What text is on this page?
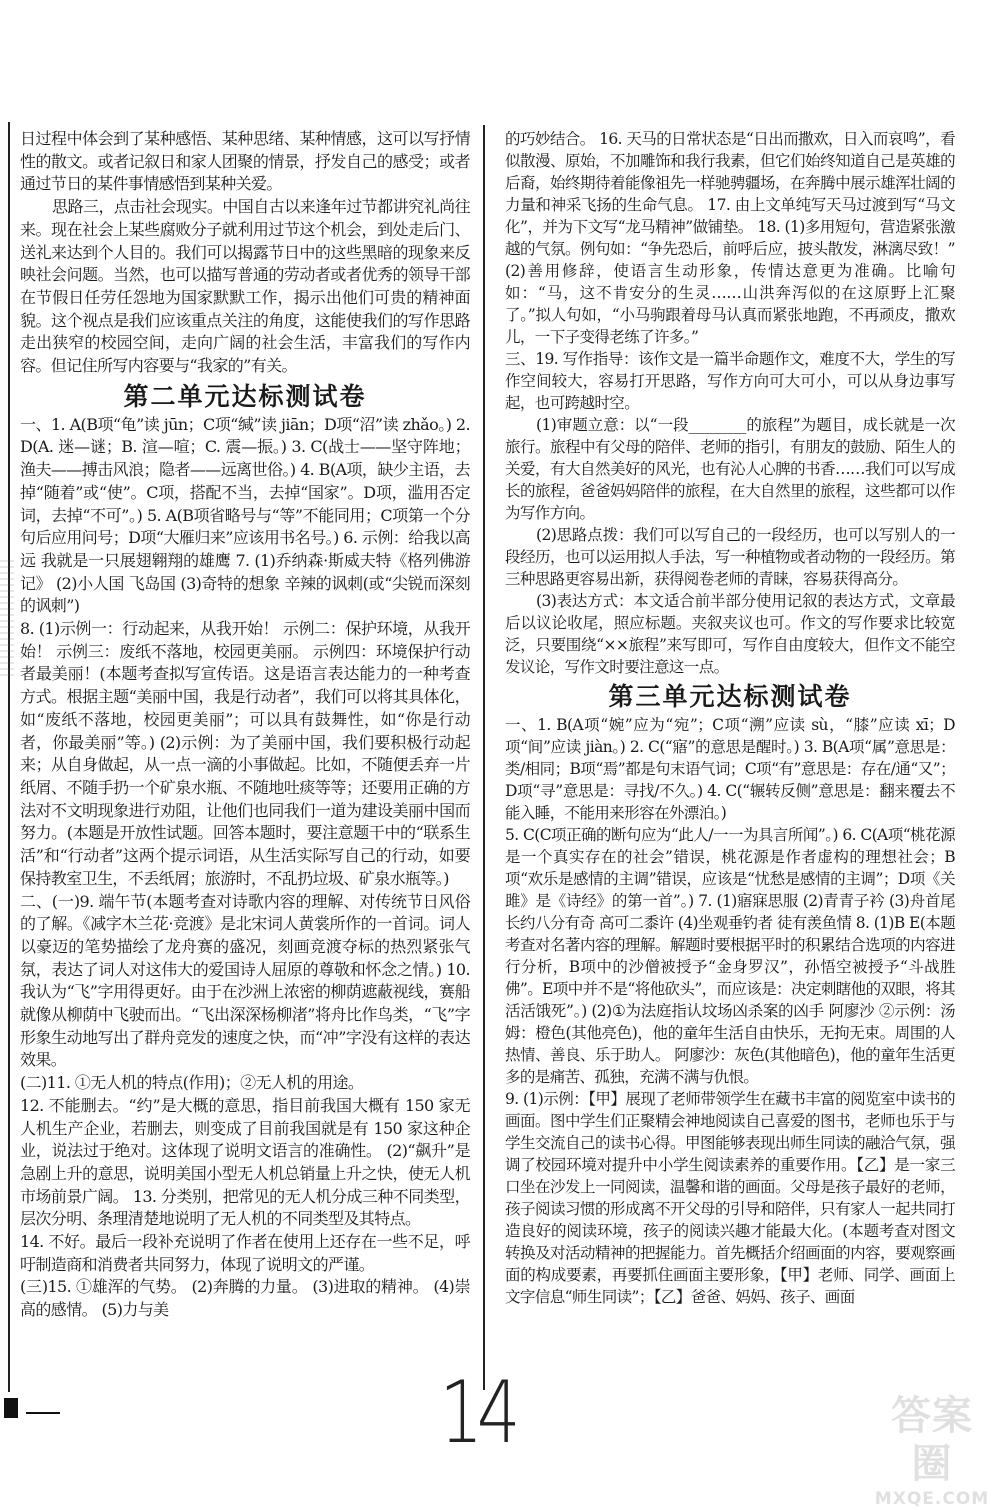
日过程中体会到了某种感悟、某种思绪、某种情感，这可以写抒情性的散文。或者记叙日和家人团聚的情景，抒发自己的感受；或者通过节日的某件事情感悟到某种关爱。

思路三，点击社会现实。中国自古以来逢年过节都讲究礼尚往来。现在社会上某些腐败分子就利用过节这个机会，到处走后门、送礼来达到个人目的。我们可以揭露节日中的这些黑暗的现象来反映社会问题。当然，也可以描写普通的劳动者或者优秀的领导干部在节假日任劳任怨地为国家默默工作，揭示出他们可贵的精神面貌。这个视点是我们应该重点关注的角度，这能使我们的写作思路走出狭窄的校园空间，走向广阔的社会生活，丰富我们的写作内容。但记住所写内容要与“我家的”有关。

第二单元达标测试卷

一、1. A(B项“龟”读 jūn；C项“缄”读 jiān；D项“沼”读 zhǎo。) 2. D(A. 迷—谜；B. 渲—喧；C. 震—振。) 3. C(战士——坚守阵地；渔夫——搏击风浪；隐者——远离世俗。) 4. B(A项，缺少主语，去掉“随着”或“使”。C项，搭配不当，去掉“国家”。D项，滥用否定词，去掉“不可”。) 5. A(B项省略号与“等”不能同用；C项第一个分句后应用问号；D项“大雁归来”应该用书名号。) 6. 示例：给我以高远 我就是一只展翅翱翔的雄鹰 7. (1)乔纳森·斯威夫特《格列佛游记》 (2)小人国 飞岛国 (3)奇特的想象 辛辣的讽刺(或“尖锐而深刻的讽刺”)

8. (1)示例一：行动起来，从我开始！ 示例二：保护环境，从我开始！ 示例三：废纸不落地，校园更美丽。 示例四：环境保护行动者最美丽！(本题考查拟写宣传语。这是语言表达能力的一种考查方式。根据主题“美丽中国，我是行动者”，我们可以将其具体化，如“废纸不落地，校园更美丽”；可以具有鼓舞性，如“你是行动者，你最美丽”等。) (2)示例：为了美丽中国，我们要积极行动起来；从自身做起，从一点一滴的小事做起。比如，不随便丢弃一片纸屑、不随手扔一个矿泉水瓶、不随地吐痰等等；还要用正确的方法对不文明现象进行劝阻，让他们也同我们一道为建设美丽中国而努力。(本题是开放性试题。回答本题时，要注意题干中的“联系生活”和“行动者”这两个提示词语，从生活实际写自己的行动，如要保持教室卫生，不丢纸屑；旅游时，不乱扔垃圾、矿泉水瓶等。)

二、(一)9. 端午节(本题考查对诗歌内容的理解、对传统节日风俗的了解。《减字木兰花·竞渡》是北宋词人黄裳所作的一首词。词人以豪迈的笔势描绘了龙舟赛的盛况，刻画竞渡夺标的热烈紧张气氛，表达了词人对这伟大的爱国诗人屈原的尊敬和怀念之情。) 10. 我认为“飞”字用得更好。由于在沙洲上浓密的柳荫遮蔽视线，赛船就像从柳荫中飞驶而出。“飞出深深杨柳渚”将舟比作鸟类，“飞”字形象生动地写出了群舟竞发的速度之快，而“冲”字没有这样的表达效果。

(二)11. ①无人机的特点(作用)；②无人机的用途。

12. 不能删去。“约”是大概的意思，指目前我国大概有 150 家无人机生产企业，若删去，则变成了目前我国就是有 150 家这种企业，说法过于绝对。这体现了说明文语言的准确性。 (2)“飙升”是急剧上升的意思，说明美国小型无人机总销量上升之快，使无人机市场前景广阔。 13. 分类别，把常见的无人机分成三种不同类型，层次分明、条理清楚地说明了无人机的不同类型及其特点。

14. 不好。最后一段补充说明了作者在使用上还存在一些不足，呼吁制造商和消费者共同努力，体现了说明文的严谨。

(三)15. ①雄浑的气势。 (2)奔腾的力量。 (3)进取的精神。 (4)崇高的感情。 (5)力与美

的巧妙结合。 16. 天马的日常状态是“日出而撒欢，日入而哀鸣”，看似散漫、原始，不加雕饰和我行我素，但它们始终知道自己是英雄的后裔，始终期待着能像祖先一样驰骋疆场，在奔腾中展示雄浑壮阔的力量和神采飞扬的生命气息。 17. 由上文单纯写天马过渡到写“马文化”，并为下文写“龙马精神”做铺垫。 18. (1)多用短句，营造紧张激越的气氛。例句如：“争先恐后，前呼后应，披头散发，淋漓尽致！” (2)善用修辞，使语言生动形象，传情达意更为准确。比喻句如：“马，这不肯安分的生灵……山洪奔泻似的在这原野上汇聚了。”拟人句如，“小马驹跟着母马认真而紧张地跑，不再顽皮，撒欢儿，一下子变得老练了许多。”

三、19. 写作指导：该作文是一篇半命题作文，难度不大，学生的写作空间较大，容易打开思路，写作方向可大可小，可以从身边事写起，也可跨越时空。

(1)审题立意：以“一段________的旅程”为题目，成长就是一次旅行。旅程中有父母的陪伴、老师的指引，有朋友的鼓励、陌生人的关爱，有大自然美好的风光，也有沁人心脾的书香……我们可以写成长的旅程，爸爸妈妈陪伴的旅程，在大自然里的旅程，这些都可以作为写作方向。

(2)思路点拨：我们可以写自己的一段经历，也可以写别人的一段经历，也可以运用拟人手法，写一种植物或者动物的一段经历。第三种思路更容易出新，获得阅卷老师的青睐，容易获得高分。

(3)表达方式：本文适合前半部分使用记叙的表达方式，文章最后以议论收尾，照应标题。夹叙夹议也可。作文的写作要求比较宽泛，只要围绕“××旅程”来写即可，写作自由度较大，但作文不能空发议论，写作文时要注意这一点。

第三单元达标测试卷

一、1. B(A项“婉”应为“宛”；C项“溯”应读 sù，“膝”应读 xī；D项“间”应读 jiàn。) 2. C(“寤”的意思是醒时。) 3. B(A项“属”意思是：类/相同；B项“焉”都是句末语气词；C项“有”意思是：存在/通“又”；D项“寻”意思是：寻找/不久。) 4. C(“辗转反侧”意思是：翻来覆去不能入睡，不能用来形容在外漂泊。)

5. C(C项正确的断句应为“此人/一一为具言所闻”。) 6. C(A项“桃花源是一个真实存在的社会”错误，桃花源是作者虚构的理想社会；B项“欢乐是感情的主调”错误，应该是“忧愁是感情的主调”；D项《关雎》是《诗经》的第一首”。) 7. (1)寤寐思服 (2)青青子衿 (3)舟首尾长约八分有奇 高可二黍许 (4)坐观垂钓者 徒有羡鱼情 8. (1)B E(本题考查对名著内容的理解。解题时要根据平时的积累结合选项的内容进行分析，B项中的沙僧被授予“金身罗汉”，孙悟空被授予“斗战胜佛”。E项中并不是“将他砍头”，而应该是：决定刺瞎他的双眼，将其活活饿死”。) (2)①为法庭指认坟场凶杀案的凶手 阿廖沙 ②示例：汤姆：橙色(其他亮色)，他的童年生活自由快乐，无拘无束。周围的人热情、善良、乐于助人。 阿廖沙：灰色(其他暗色)，他的童年生活更多的是痛苦、孤独，充满不满与仇恨。

9. (1)示例：【甲】展现了老师带领学生在藏书丰富的阅览室中读书的画面。图中学生们正聚精会神地阅读自己喜爱的图书，老师也乐于与学生交流自己的读书心得。甲图能够表现出师生同读的融洽气氛，强调了校园环境对提升中小学生阅读素养的重要作用。【乙】是一家三口坐在沙发上一同阅读，温馨和谐的画面。父母是孩子最好的老师，孩子阅读习惯的形成离不开父母的引导和陪伴，只有家人一起共同打造良好的阅读环境，孩子的阅读兴趣才能最大化。(本题考查对图文转换及对活动精神的把握能力。首先概括介绍画面的内容，要观察画面的构成要素，再要抓住画面主要形象，【甲】老师、同学、画面上文字信息“师生同读”；【乙】爸爸、妈妈、孩子、画面

14	答案圈
MXQE.COM
